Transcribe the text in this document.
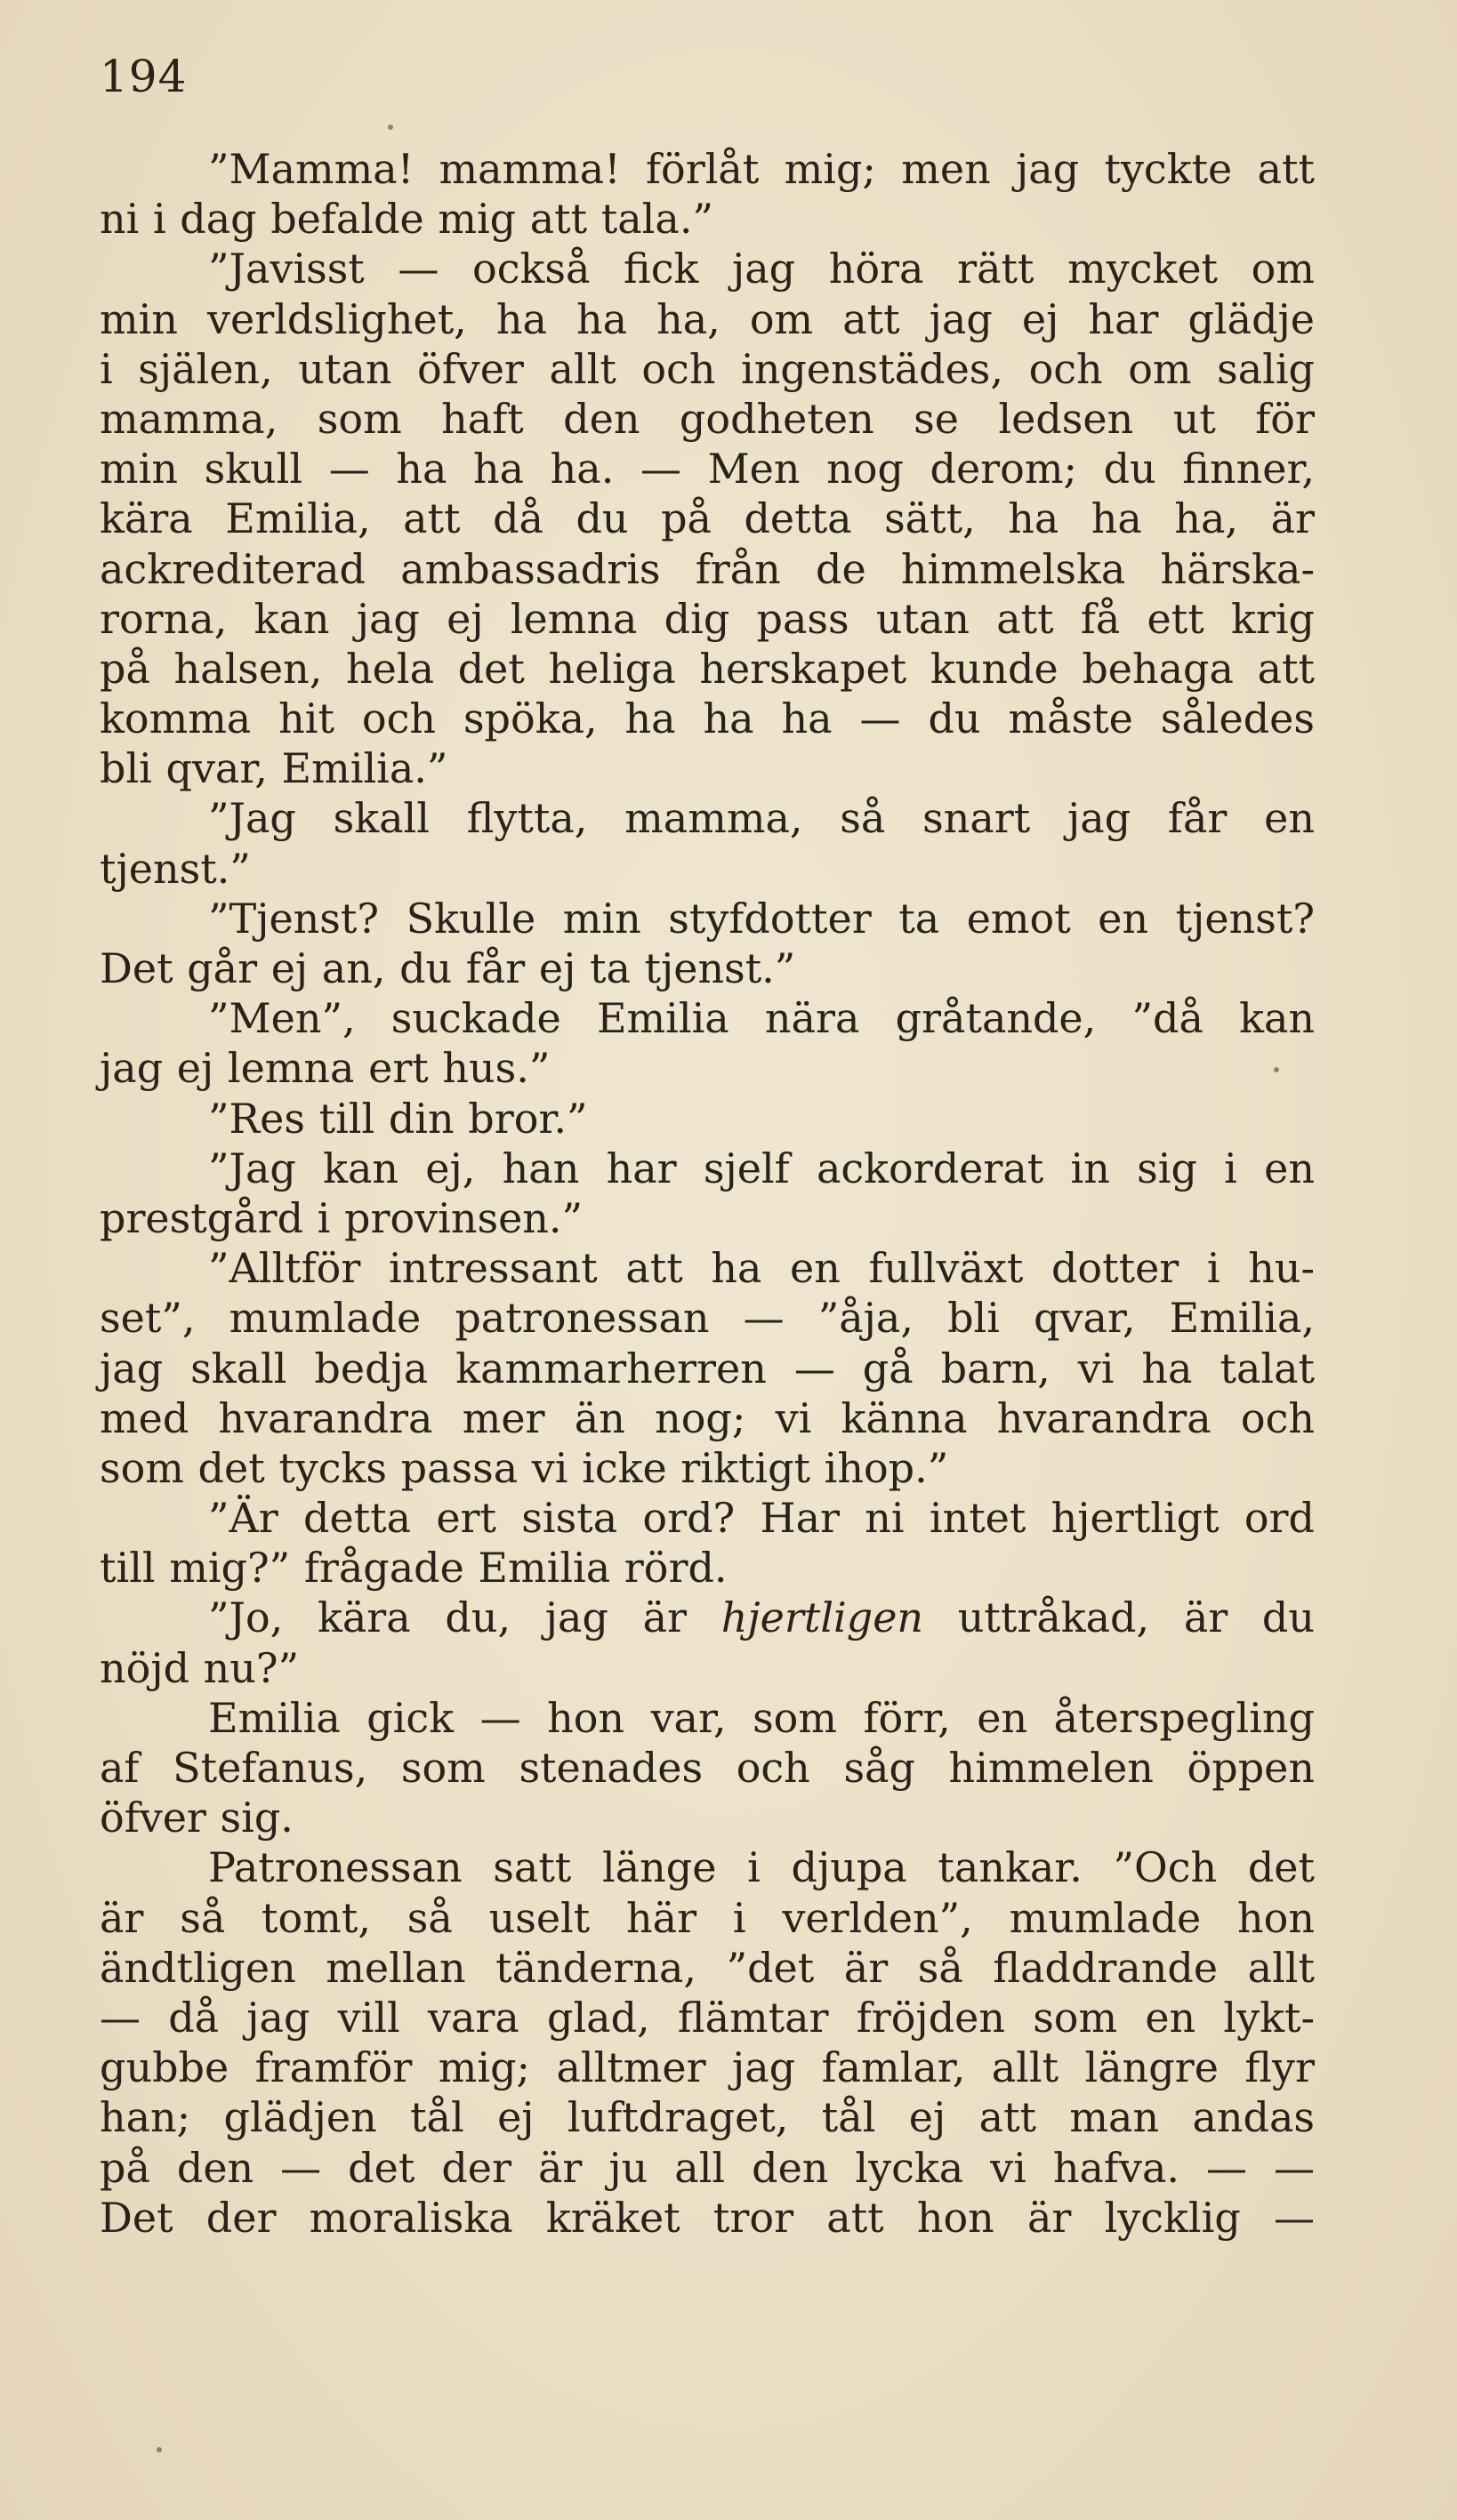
194
”Mamma! mamma! förlåt mig; men jag tyckte att
ni i dag befalde mig att tala.”
”Javisst — också fick jag höra rätt mycket om
min verldslighet, ha ha ha, om att jag ej har glädje
i själen, utan öfver allt och ingenstädes, och om salig
mamma, som haft den godheten se ledsen ut för
min skull — ha ha ha. — Men nog derom; du finner,
kära Emilia, att då du på detta sätt, ha ha ha, är
ackrediterad ambassadris från de himmelska härska-
rorna, kan jag ej lemna dig pass utan att få ett krig
på halsen, hela det heliga herskapet kunde behaga att
komma hit och spöka, ha ha ha — du måste således
bli qvar, Emilia.”
”Jag skall flytta, mamma, så snart jag får en
tjenst.”
”Tjenst? Skulle min styfdotter ta emot en tjenst?
Det går ej an, du får ej ta tjenst.”
”Men”, suckade Emilia nära gråtande, ”då kan
jag ej lemna ert hus.”
”Res till din bror.”
”Jag kan ej, han har sjelf ackorderat in sig i en
prestgård i provinsen.”
”Alltför intressant att ha en fullväxt dotter i hu-
set”, mumlade patronessan — ”åja, bli qvar, Emilia,
jag skall bedja kammarherren — gå barn, vi ha talat
med hvarandra mer än nog; vi känna hvarandra och
som det tycks passa vi icke riktigt ihop.”
”Är detta ert sista ord? Har ni intet hjertligt ord
till mig?” frågade Emilia rörd.
”Jo, kära du, jag är hjertligen uttråkad, är du
nöjd nu?”
Emilia gick — hon var, som förr, en återspegling
af Stefanus, som stenades och såg himmelen öppen
öfver sig.
Patronessan satt länge i djupa tankar. ”Och det
är så tomt, så uselt här i verlden”, mumlade hon
ändtligen mellan tänderna, ”det är så fladdrande allt
— då jag vill vara glad, flämtar fröjden som en lykt-
gubbe framför mig; alltmer jag famlar, allt längre flyr
han; glädjen tål ej luftdraget, tål ej att man andas
på den — det der är ju all den lycka vi hafva. — —
Det der moraliska kräket tror att hon är lycklig —
